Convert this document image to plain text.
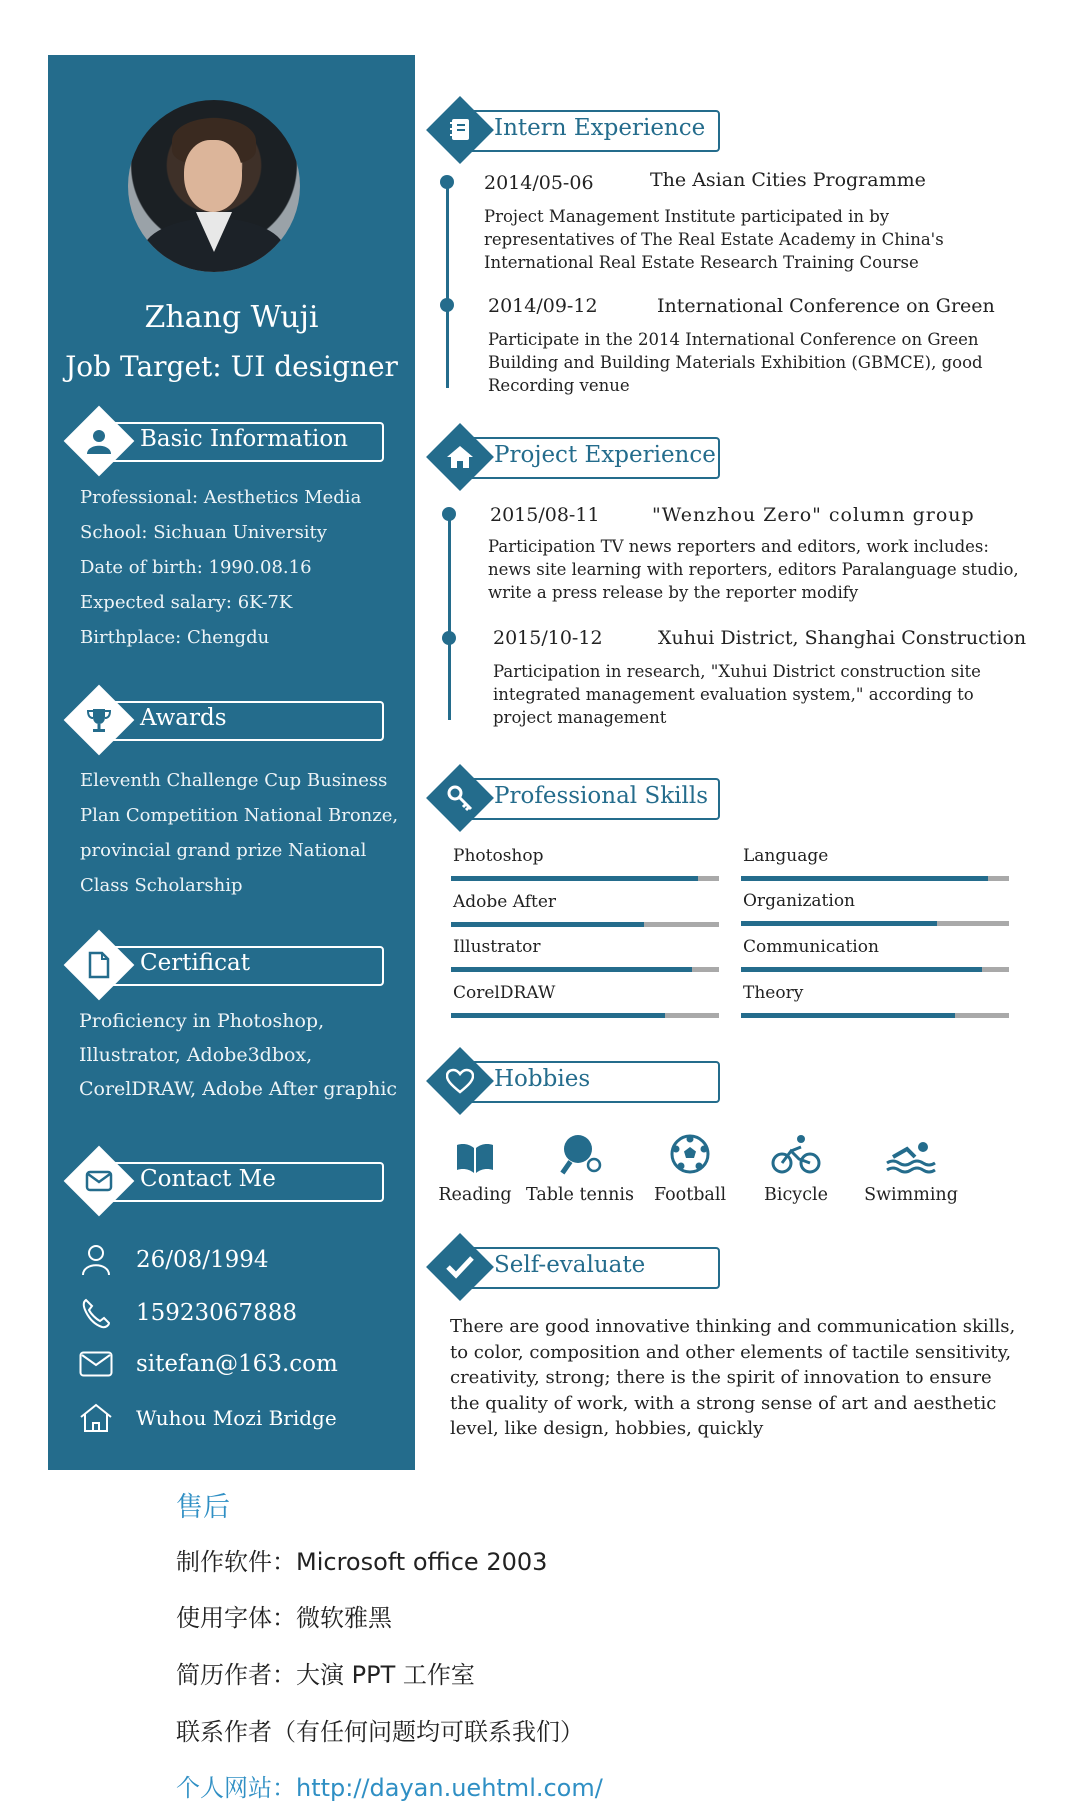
Zhang Wuji
Job Target: UI designer
Basic Information
Professional: Aesthetics Media
School: Sichuan University
Date of birth: 1990.08.16
Expected salary: 6K-7K
Birthplace: Chengdu
Awards
Eleventh Challenge Cup Business
Plan Competition National Bronze,
provincial grand prize National
Class Scholarship
Certificat
Proficiency in Photoshop,
Illustrator, Adobe3dbox,
CorelDRAW, Adobe After graphic
Contact Me
26/08/1994
15923067888
sitefan@163.com
Wuhou Mozi Bridge
Intern Experience
2014/05-06	The Asian Cities Programme
Project Management Institute participated in by representatives of The Real Estate Academy in China's International Real Estate Research Training Course
2014/09-12	International Conference on Green
Participate in the 2014 International Conference on Green Building and Building Materials Exhibition (GBMCE), good Recording venue
Project Experience
2015/08-11	"Wenzhou Zero" column group
Participation TV news reporters and editors, work includes: news site learning with reporters, editors Paralanguage studio, write a press release by the reporter modify
2015/10-12	Xuhui District, Shanghai Construction
Participation in research, "Xuhui District construction site integrated management evaluation system," according to project management
Professional Skills
Photoshop	Language
Adobe After	Organization
Illustrator	Communication
CorelDRAW	Theory
Hobbies
Reading Table tennis	Football	Bicycle	Swimming
Self-evaluate
There are good innovative thinking and communication skills, to color, composition and other elements of tactile sensitivity, creativity, strong; there is the spirit of innovation to ensure the quality of work, with a strong sense of art and aesthetic level, like design, hobbies, quickly
售后
制作软件：Microsoft office 2003
使用字体：微软雅黑
简历作者：大演 PPT 工作室
联系作者（有任何问题均可联系我们）
个人网站：http://dayan.uehtml.com/
